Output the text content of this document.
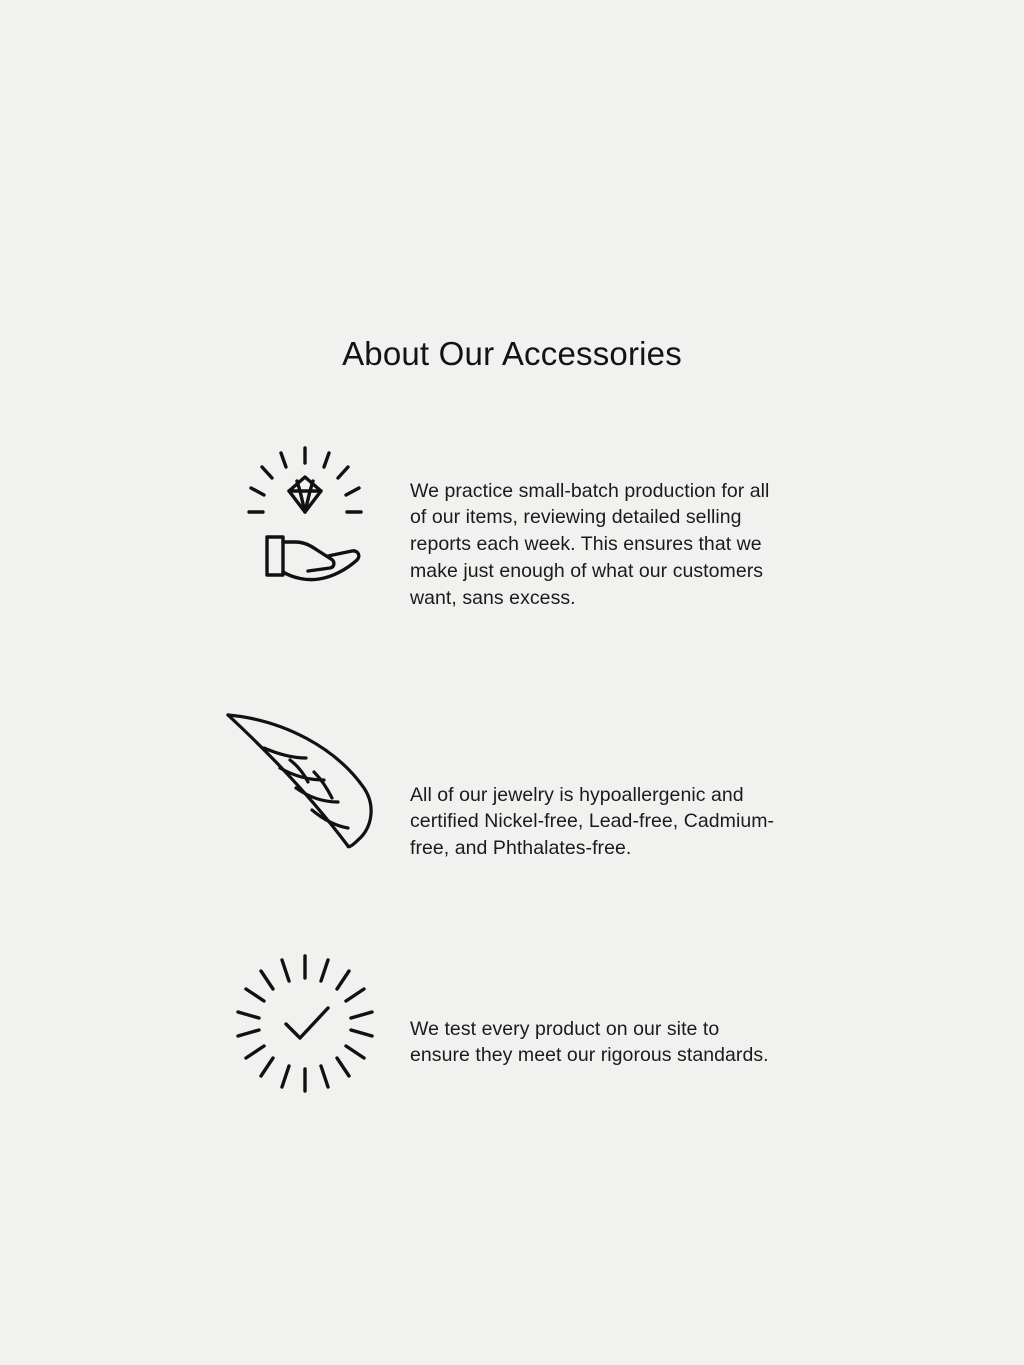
About Our Accessories

We practice small-batch production for all of our items, reviewing detailed selling reports each week. This ensures that we make just enough of what our customers want, sans excess.

All of our jewelry is hypoallergenic and certified Nickel-free, Lead-free, Cadmium-free, and Phthalates-free.

We test every product on our site to ensure they meet our rigorous standards.
